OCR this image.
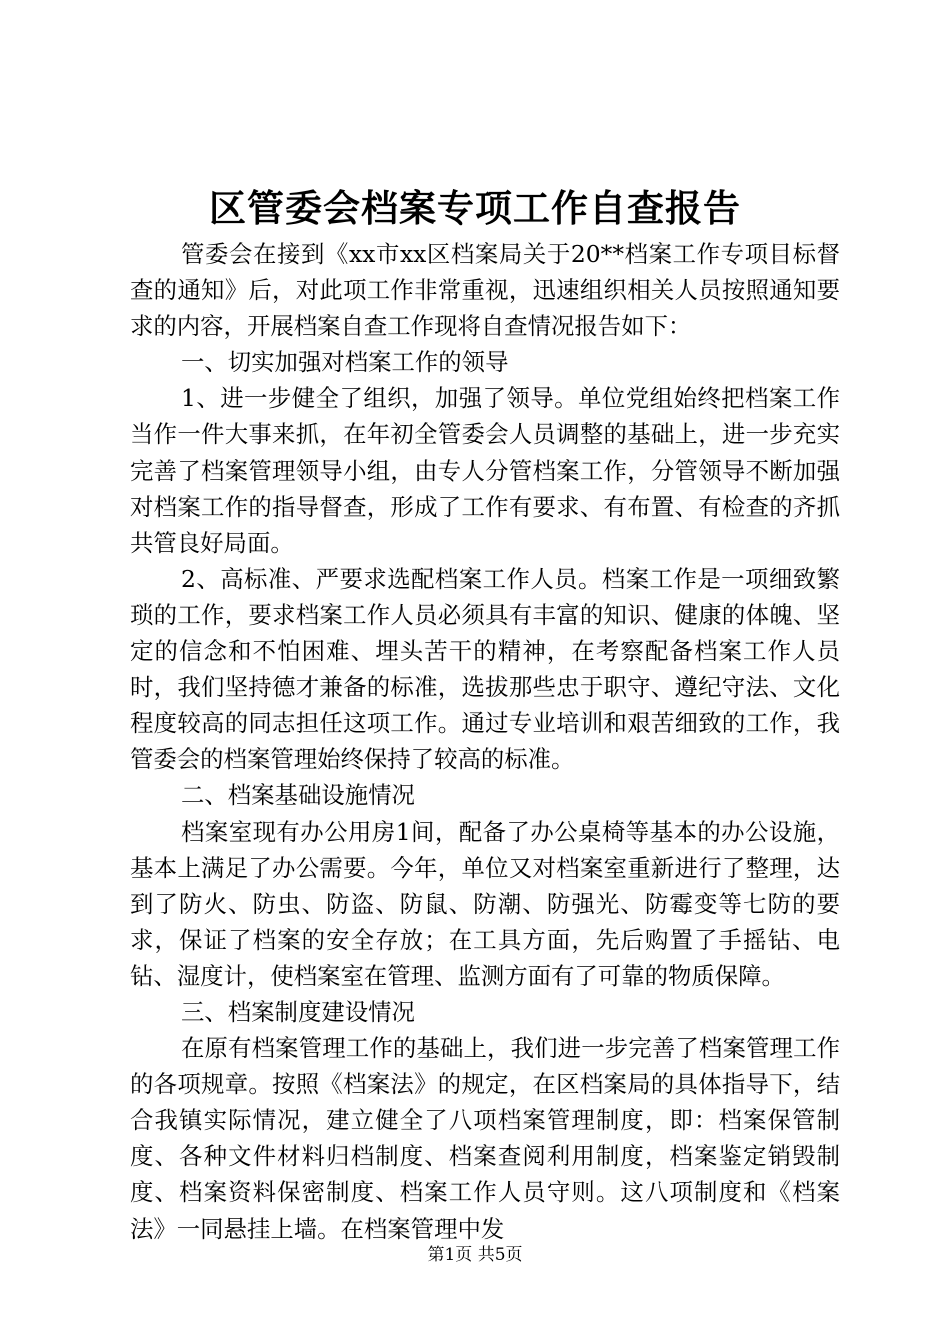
区管委会档案专项工作自查报告

管委会在接到《xx市xx区档案局关于20**档案工作专项目标督查的通知》后，对此项工作非常重视，迅速组织相关人员按照通知要求的内容，开展档案自查工作现将自查情况报告如下：

一、切实加强对档案工作的领导

1、进一步健全了组织，加强了领导。单位党组始终把档案工作当作一件大事来抓，在年初全管委会人员调整的基础上，进一步充实完善了档案管理领导小组，由专人分管档案工作，分管领导不断加强对档案工作的指导督查，形成了工作有要求、有布置、有检查的齐抓共管良好局面。

2、高标准、严要求选配档案工作人员。档案工作是一项细致繁琐的工作，要求档案工作人员必须具有丰富的知识、健康的体魄、坚定的信念和不怕困难、埋头苦干的精神，在考察配备档案工作人员时，我们坚持德才兼备的标准，选拔那些忠于职守、遵纪守法、文化程度较高的同志担任这项工作。通过专业培训和艰苦细致的工作，我管委会的档案管理始终保持了较高的标准。

二、档案基础设施情况

档案室现有办公用房1间，配备了办公桌椅等基本的办公设施，基本上满足了办公需要。今年，单位又对档案室重新进行了整理，达到了防火、防虫、防盗、防鼠、防潮、防强光、防霉变等七防的要求，保证了档案的安全存放；在工具方面，先后购置了手摇钻、电钻、湿度计，使档案室在管理、监测方面有了可靠的物质保障。

三、档案制度建设情况

在原有档案管理工作的基础上，我们进一步完善了档案管理工作的各项规章。按照《档案法》的规定，在区档案局的具体指导下，结合我镇实际情况，建立健全了八项档案管理制度，即：档案保管制度、各种文件材料归档制度、档案查阅利用制度，档案鉴定销毁制度、档案资料保密制度、档案工作人员守则。这八项制度和《档案法》一同悬挂上墙。在档案管理中发

第1页 共5页
